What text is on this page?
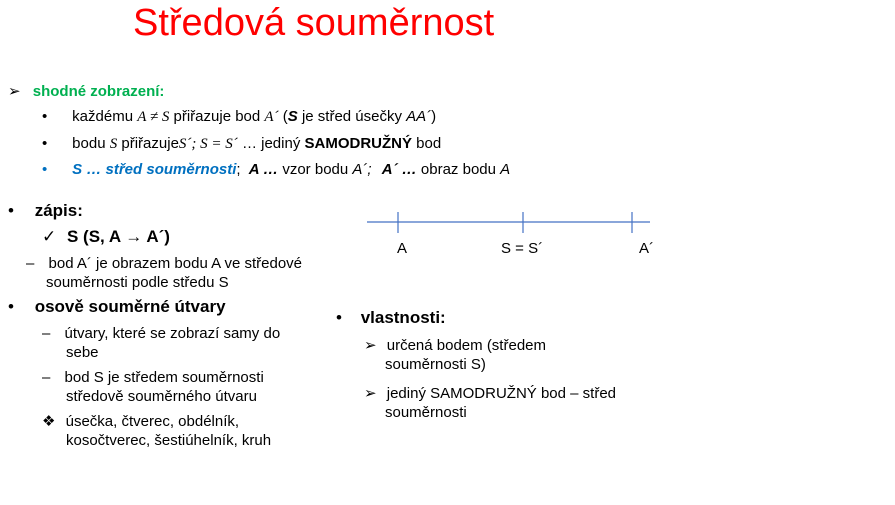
Středová souměrnost
➢ shodné zobrazení:
• každému A ≠ S přiřazuje bod A´ (S je střed úsečky AA´)
• bodu S přiřazujeS´; S = S´ … jediný SAMODRUŽNÝ bod
• S … střed souměrnosti; A … vzor bodu A´; A´ … obraz bodu A
• zápis:
✓ S (S, A → A´)
– bod A´ je obrazem bodu A ve středové
souměrnosti podle středu S
• osově souměrné útvary
– útvary, které se zobrazí samy do
sebe
– bod S je středem souměrnosti
středově souměrného útvaru
❖ úsečka, čtverec, obdélník,
kosočtverec, šestiúhelník, kruh
A	S = S´	A´
• vlastnosti:
➢ určená bodem (středem
souměrnosti S)
➢ jediný SAMODRUŽNÝ bod – střed
souměrnosti
